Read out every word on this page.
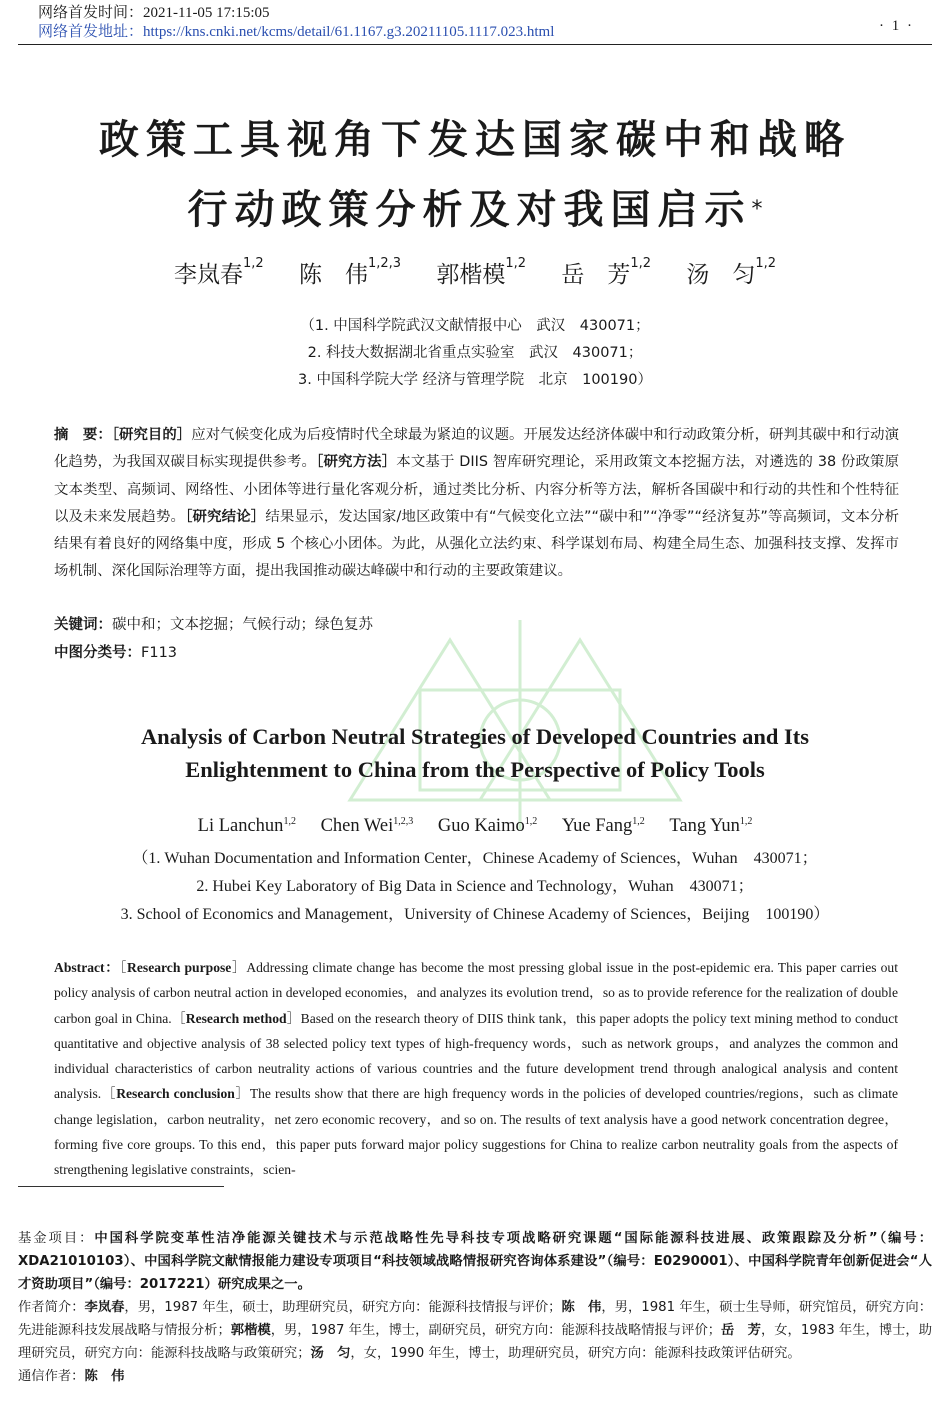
网络首发时间：2021-11-05 17:15:05
网络首发地址：https://kns.cnki.net/kcms/detail/61.1167.g3.20211105.1117.023.html	· 1 ·
政策工具视角下发达国家碳中和战略
行动政策分析及对我国启示*
李岚春$^{1,2}$ 陈　伟$^{1,2,3}$ 郭楷模$^{1,2}$ 岳　芳$^{1,2}$ 汤　匀$^{1,2}$
（1. 中国科学院武汉文献情报中心　武汉　430071；
2. 科技大数据湖北省重点实验室　武汉　430071；
3. 中国科学院大学 经济与管理学院　北京　100190）
摘　要：［研究目的］应对气候变化成为后疫情时代全球最为紧迫的议题。开展发达经济体碳中和行动政策分析，研判其碳中和行动演化趋势，为我国双碳目标实现提供参考。［研究方法］本文基于 DIIS 智库研究理论，采用政策文本挖掘方法，对遴选的 38 份政策原文本类型、高频词、网络性、小团体等进行量化客观分析，通过类比分析、内容分析等方法，解析各国碳中和行动的共性和个性特征以及未来发展趋势。［研究结论］结果显示，发达国家/地区政策中有“气候变化立法”“碳中和”“净零”“经济复苏”等高频词，文本分析结果有着良好的网络集中度，形成 5 个核心小团体。为此，从强化立法约束、科学谋划布局、构建全局生态、加强科技支撑、发挥市场机制、深化国际治理等方面，提出我国推动碳达峰碳中和行动的主要政策建议。
关键词：碳中和；文本挖掘；气候行动；绿色复苏
中图分类号：F113
Analysis of Carbon Neutral Strategies of Developed Countries and Its
Enlightenment to China from the Perspective of Policy Tools
Li Lanchun$^{1,2}$ Chen Wei$^{1,2,3}$ Guo Kaimo$^{1,2}$ Yue Fang$^{1,2}$ Tang Yun$^{1,2}$
（1. Wuhan Documentation and Information Center，Chinese Academy of Sciences，Wuhan　430071；
2. Hubei Key Laboratory of Big Data in Science and Technology，Wuhan　430071；
3. School of Economics and Management，University of Chinese Academy of Sciences，Beijing　100190）
Abstract：［Research purpose］Addressing climate change has become the most pressing global issue in the post-epidemic era. This paper carries out policy analysis of carbon neutral action in developed economies，and analyzes its evolution trend，so as to provide reference for the realization of double carbon goal in China.［Research method］Based on the research theory of DIIS think tank，this paper adopts the policy text mining method to conduct quantitative and objective analysis of 38 selected policy text types of high-frequency words，such as network groups，and analyzes the common and individual characteristics of carbon neutrality actions of various countries and the future development trend through analogical analysis and content analysis.［Research conclusion］The results show that there are high frequency words in the policies of developed countries/regions，such as climate change legislation，carbon neutrality，net zero economic recovery，and so on. The results of text analysis have a good network concentration degree，forming five core groups. To this end，this paper puts forward major policy suggestions for China to realize carbon neutrality goals from the aspects of strengthening legislative constraints，scien-
基金项目：中国科学院变革性洁净能源关键技术与示范战略性先导科技专项战略研究课题“国际能源科技进展、政策跟踪及分析”（编号：XDA21010103）、中国科学院文献情报能力建设专项项目“科技领域战略情报研究咨询体系建设”（编号：E0290001）、中国科学院青年创新促进会“人才资助项目”（编号：2017221）研究成果之一。
作者简介：李岚春，男，1987 年生，硕士，助理研究员，研究方向：能源科技情报与评价；陈　伟，男，1981 年生，硕士生导师，研究馆员，研究方向：先进能源科技发展战略与情报分析；郭楷模，男，1987 年生，博士，副研究员，研究方向：能源科技战略情报与评价；岳　芳，女，1983 年生，博士，助理研究员，研究方向：能源科技战略与政策研究；汤　匀，女，1990 年生，博士，助理研究员，研究方向：能源科技政策评估研究。
通信作者：陈　伟
